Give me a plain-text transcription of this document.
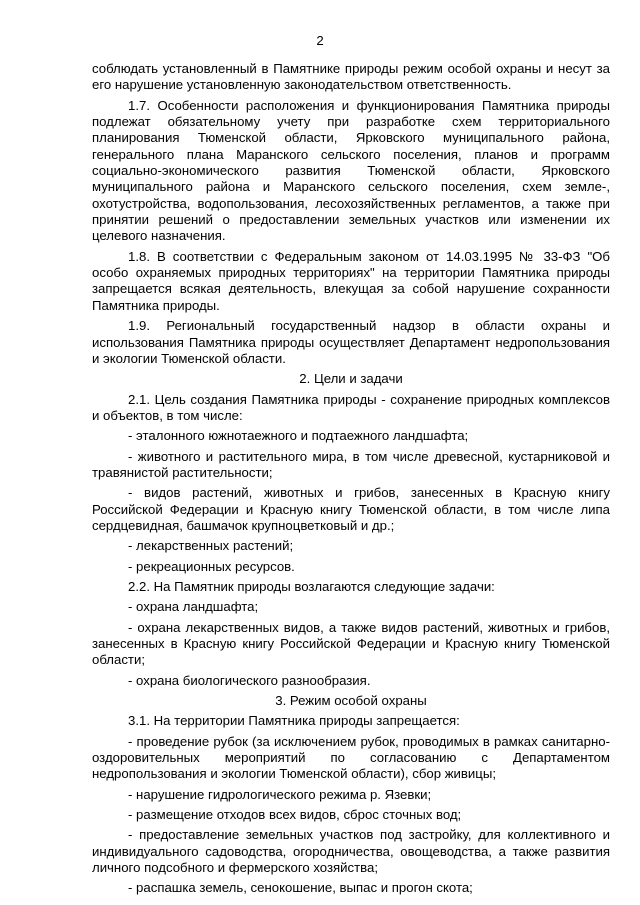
2

соблюдать установленный в Памятнике природы режим особой охраны и несут за его нарушение установленную законодательством ответственность.

1.7. Особенности расположения и функционирования Памятника природы подлежат обязательному учету при разработке схем территориального планирования Тюменской области, Ярковского муниципального района, генерального плана Маранского сельского поселения, планов и программ социально-экономического развития Тюменской области, Ярковского муниципального района и Маранского сельского поселения, схем земле-, охотустройства, водопользования, лесохозяйственных регламентов, а также при принятии решений о предоставлении земельных участков или изменении их целевого назначения.

1.8. В соответствии с Федеральным законом от 14.03.1995 № 33-ФЗ "Об особо охраняемых природных территориях" на территории Памятника природы запрещается всякая деятельность, влекущая за собой нарушение сохранности Памятника природы.

1.9. Региональный государственный надзор в области охраны и использования Памятника природы осуществляет Департамент недропользования и экологии Тюменской области.

2. Цели и задачи

2.1. Цель создания Памятника природы - сохранение природных комплексов и объектов, в том числе:

- эталонного южнотаежного и подтаежного ландшафта;

- животного и растительного мира, в том числе древесной, кустарниковой и травянистой растительности;

- видов растений, животных и грибов, занесенных в Красную книгу Российской Федерации и Красную книгу Тюменской области, в том числе липа сердцевидная, башмачок крупноцветковый и др.;

- лекарственных растений;

- рекреационных ресурсов.

2.2. На Памятник природы возлагаются следующие задачи:

- охрана ландшафта;

- охрана лекарственных видов, а также видов растений, животных и грибов, занесенных в Красную книгу Российской Федерации и Красную книгу Тюменской области;

- охрана биологического разнообразия.

3. Режим особой охраны

3.1. На территории Памятника природы запрещается:

- проведение рубок (за исключением рубок, проводимых в рамках санитарно-оздоровительных мероприятий по согласованию с Департаментом недропользования и экологии Тюменской области), сбор живицы;

- нарушение гидрологического режима р. Язевки;

- размещение отходов всех видов, сброс сточных вод;

- предоставление земельных участков под застройку, для коллективного и индивидуального садоводства, огородничества, овощеводства, а также развития личного подсобного и фермерского хозяйства;

- распашка земель, сенокошение, выпас и прогон скота;
